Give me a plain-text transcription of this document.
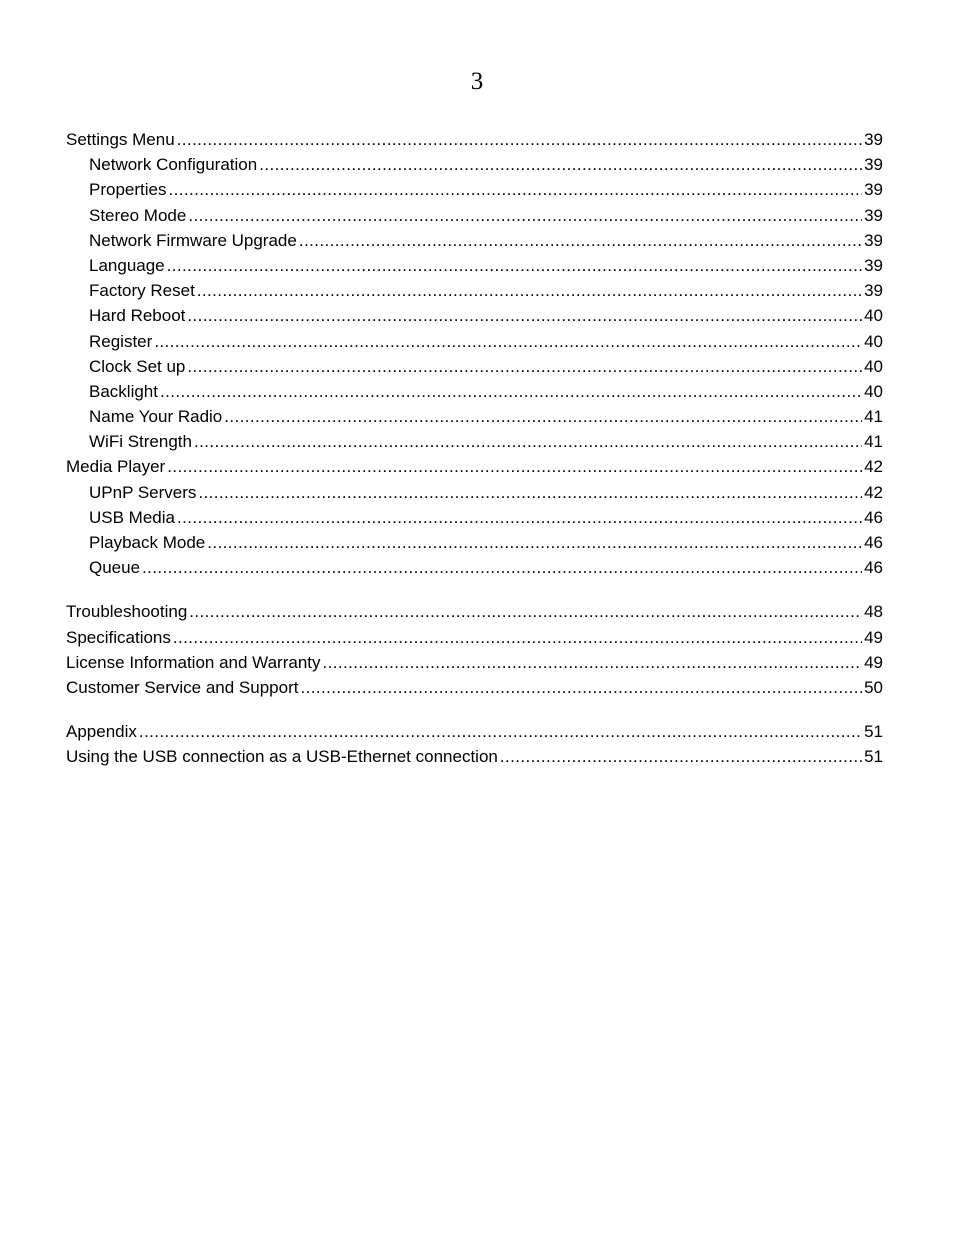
3
Settings Menu .....	39
Network Configuration .....	39
Properties .....	39
Stereo Mode .....	39
Network Firmware Upgrade .....	39
Language .....	39
Factory Reset .....	39
Hard Reboot .....	40
Register .....	40
Clock Set up .....	40
Backlight .....	40
Name Your Radio .....	41
WiFi Strength .....	41
Media Player .....	42
UPnP Servers .....	42
USB Media .....	46
Playback Mode .....	46
Queue .....	46
Troubleshooting .....	48
Specifications .....	49
License Information and Warranty .....	49
Customer Service and Support .....	50
Appendix .....	51
Using the USB connection as a USB-Ethernet connection .....	51
